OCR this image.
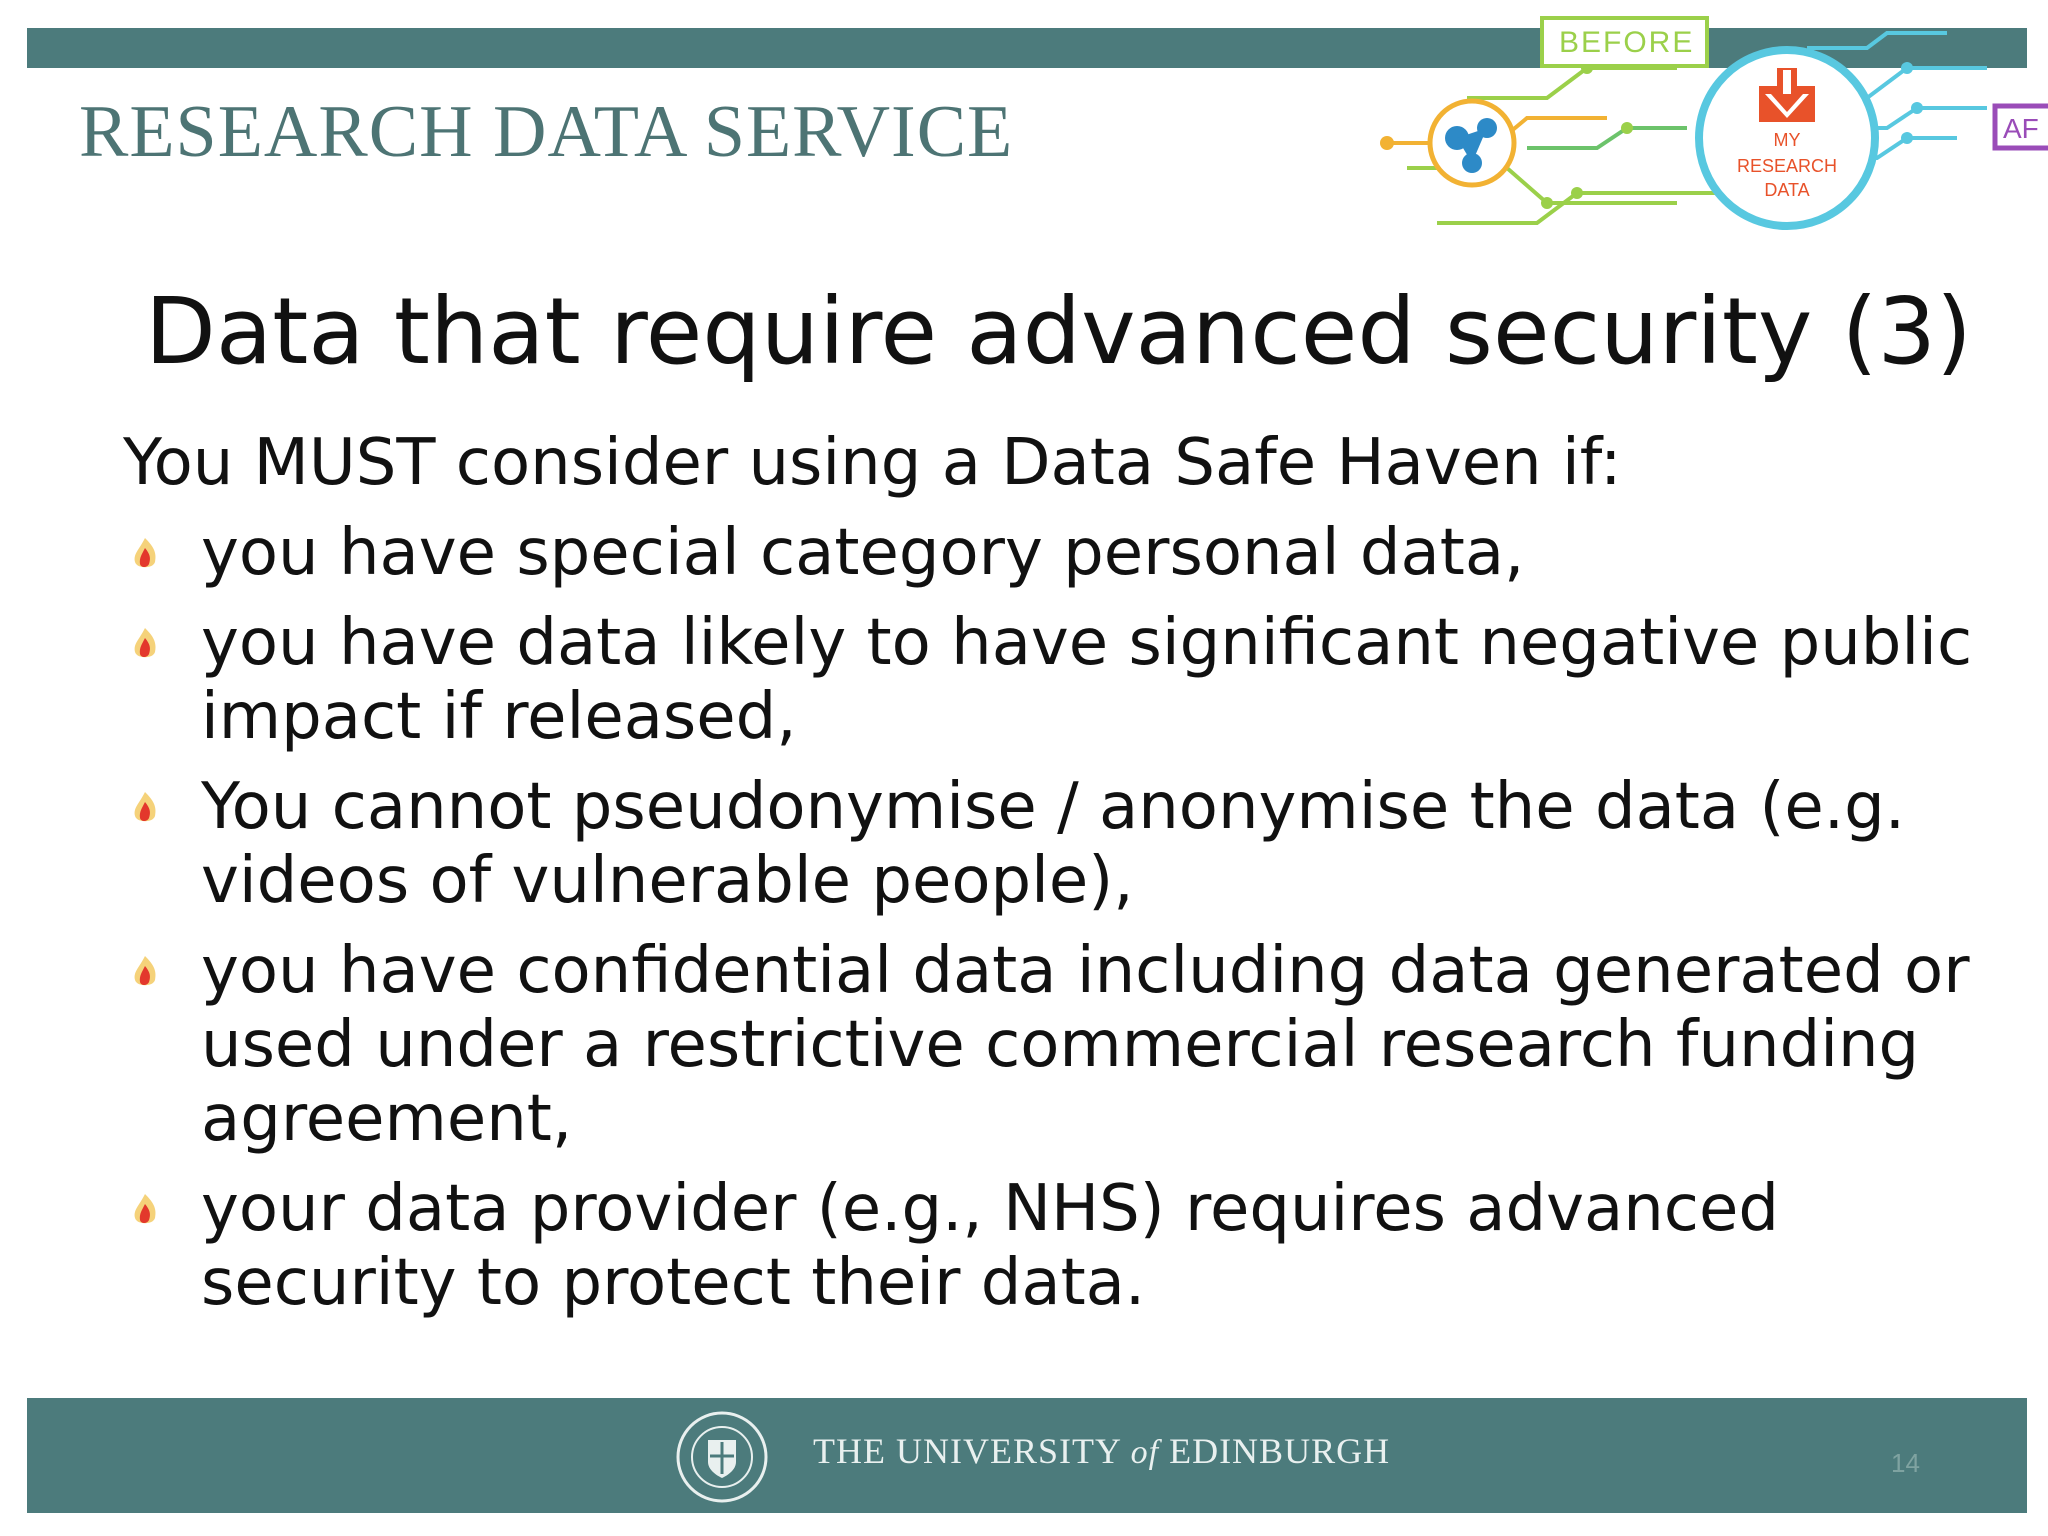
RESEARCH DATA SERVICE
BEFORE
MY
RESEARCH
DATA
AF
Data that require advanced security (3)
You MUST consider using a Data Safe Haven if:
you have special category personal data,
you have data likely to have significant negative public impact if released,
You cannot pseudonymise / anonymise the data (e.g. videos of vulnerable people),
you have confidential data including data generated or used under a restrictive commercial research funding agreement,
your data provider (e.g., NHS) requires advanced security to protect their data.
THE UNIVERSITY of EDINBURGH	14
